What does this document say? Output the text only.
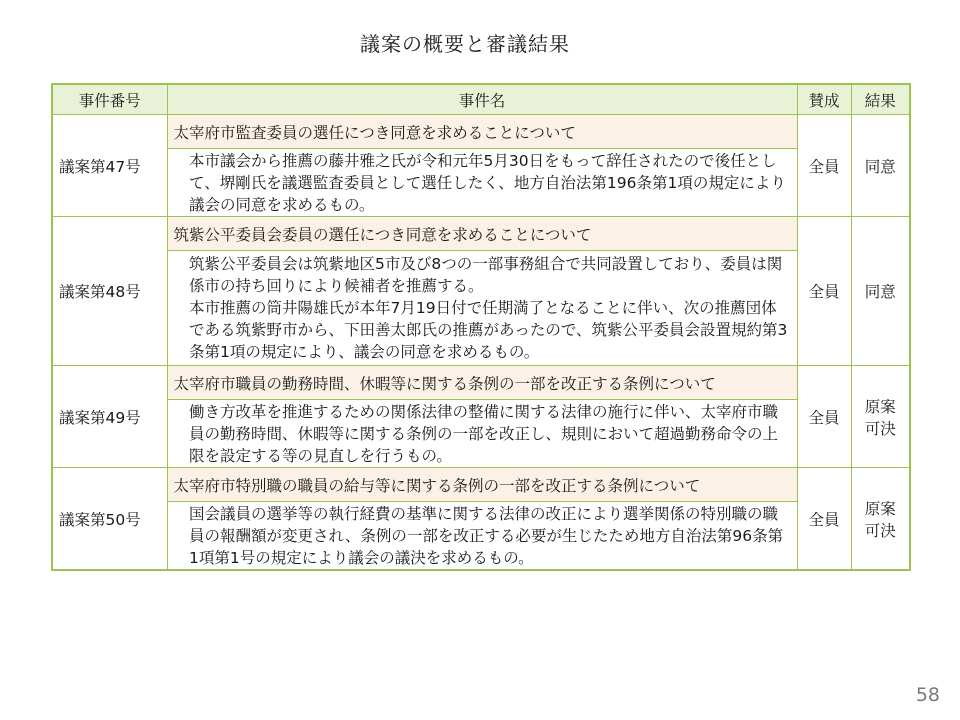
議案の概要と審議結果
事件番号	事件名	賛成	結果
議案第47号	太宰府市監査委員の選任につき同意を求めることについて	全員	同意

	本市議会から推薦の藤井雅之氏が令和元年5月30日をもって辞任されたので後任として、堺剛氏を議選監査委員として選任したく、地方自治法第196条第1項の規定により議会の同意を求めるもの。		

議案第48号	筑紫公平委員会委員の選任につき同意を求めることについて	全員	同意

	筑紫公平委員会は筑紫地区5市及び8つの一部事務組合で共同設置しており、委員は関係市の持ち回りにより候補者を推薦する。
本市推薦の筒井陽雄氏が本年7月19日付で任期満了となることに伴い、次の推薦団体である筑紫野市から、下田善太郎氏の推薦があったので、筑紫公平委員会設置規約第3条第1項の規定により、議会の同意を求めるもの。		

議案第49号	太宰府市職員の勤務時間、休暇等に関する条例の一部を改正する条例について	全員	原案可決

	働き方改革を推進するための関係法律の整備に関する法律の施行に伴い、太宰府市職員の勤務時間、休暇等に関する条例の一部を改正し、規則において超過勤務命令の上限を設定する等の見直しを行うもの。		

議案第50号	太宰府市特別職の職員の給与等に関する条例の一部を改正する条例について	全員	原案可決

	国会議員の選挙等の執行経費の基準に関する法律の改正により選挙関係の特別職の職員の報酬額が変更され、条例の一部を改正する必要が生じたため地方自治法第96条第1項第1号の規定により議会の議決を求めるもの。		
58
